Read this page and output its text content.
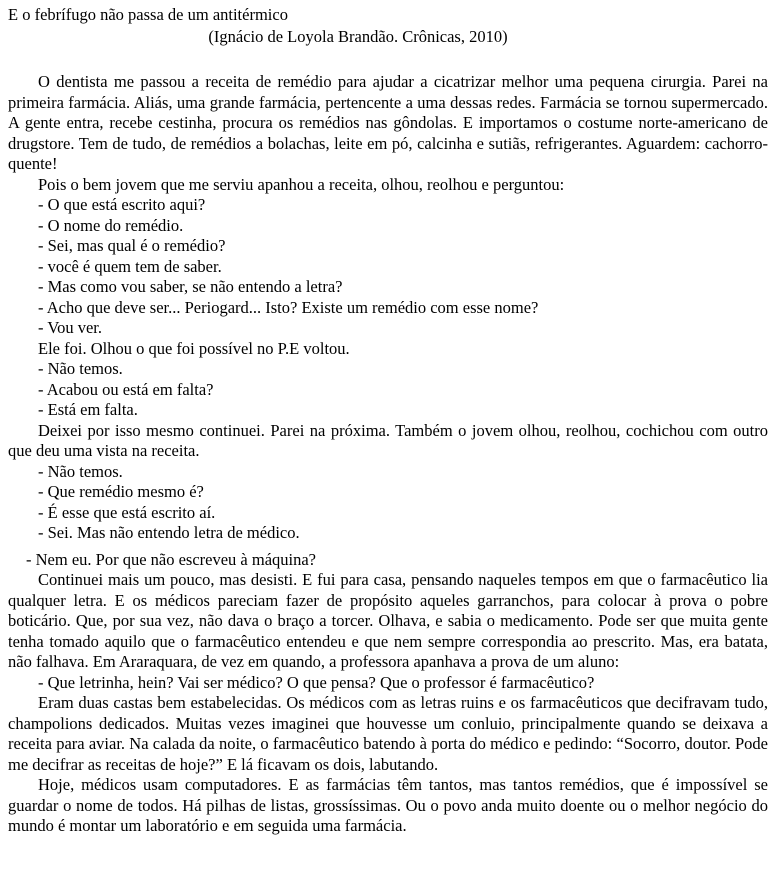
E o febrífugo não passa de um antitérmico

(Ignácio de Loyola Brandão. Crônicas, 2010)

O dentista me passou a receita de remédio para ajudar a cicatrizar melhor uma pequena cirurgia. Parei na primeira farmácia. Aliás, uma grande farmácia, pertencente a uma dessas redes. Farmácia se tornou supermercado. A gente entra, recebe cestinha, procura os remédios nas gôndolas. E importamos o costume norte-americano de drugstore. Tem de tudo, de remédios a bolachas, leite em pó, calcinha e sutiãs, refrigerantes. Aguardem: cachorro-quente!

Pois o bem jovem que me serviu apanhou a receita, olhou, reolhou e perguntou:

- O que está escrito aqui?

- O nome do remédio.

- Sei, mas qual é o remédio?

- você é quem tem de saber.

- Mas como vou saber, se não entendo a letra?

- Acho que deve ser... Periogard... Isto? Existe um remédio com esse nome?

- Vou ver.

Ele foi. Olhou o que foi possível no P.E voltou.

- Não temos.

- Acabou ou está em falta?

- Está em falta.

Deixei por isso mesmo continuei. Parei na próxima. Também o jovem olhou, reolhou, cochichou com outro que deu uma vista na receita.

- Não temos.

- Que remédio mesmo é?

- É esse que está escrito aí.

- Sei. Mas não entendo letra de médico.

- Nem eu. Por que não escreveu à máquina?

Continuei mais um pouco, mas desisti. E fui para casa, pensando naqueles tempos em que o farmacêutico lia qualquer letra. E os médicos pareciam fazer de propósito aqueles garranchos, para colocar à prova o pobre boticário. Que, por sua vez, não dava o braço a torcer. Olhava, e sabia o medicamento. Pode ser que muita gente tenha tomado aquilo que o farmacêutico entendeu e que nem sempre correspondia ao prescrito. Mas, era batata, não falhava. Em Araraquara, de vez em quando, a professora apanhava a prova de um aluno:

- Que letrinha, hein? Vai ser médico? O que pensa? Que o professor é farmacêutico?

Eram duas castas bem estabelecidas. Os médicos com as letras ruins e os farmacêuticos que decifravam tudo, champolions dedicados. Muitas vezes imaginei que houvesse um conluio, principalmente quando se deixava a receita para aviar. Na calada da noite, o farmacêutico batendo à porta do médico e pedindo: “Socorro, doutor. Pode me decifrar as receitas de hoje?” E lá ficavam os dois, labutando.

Hoje, médicos usam computadores. E as farmácias têm tantos, mas tantos remédios, que é impossível se guardar o nome de todos. Há pilhas de listas, grossíssimas. Ou o povo anda muito doente ou o melhor negócio do mundo é montar um laboratório e em seguida uma farmácia.
